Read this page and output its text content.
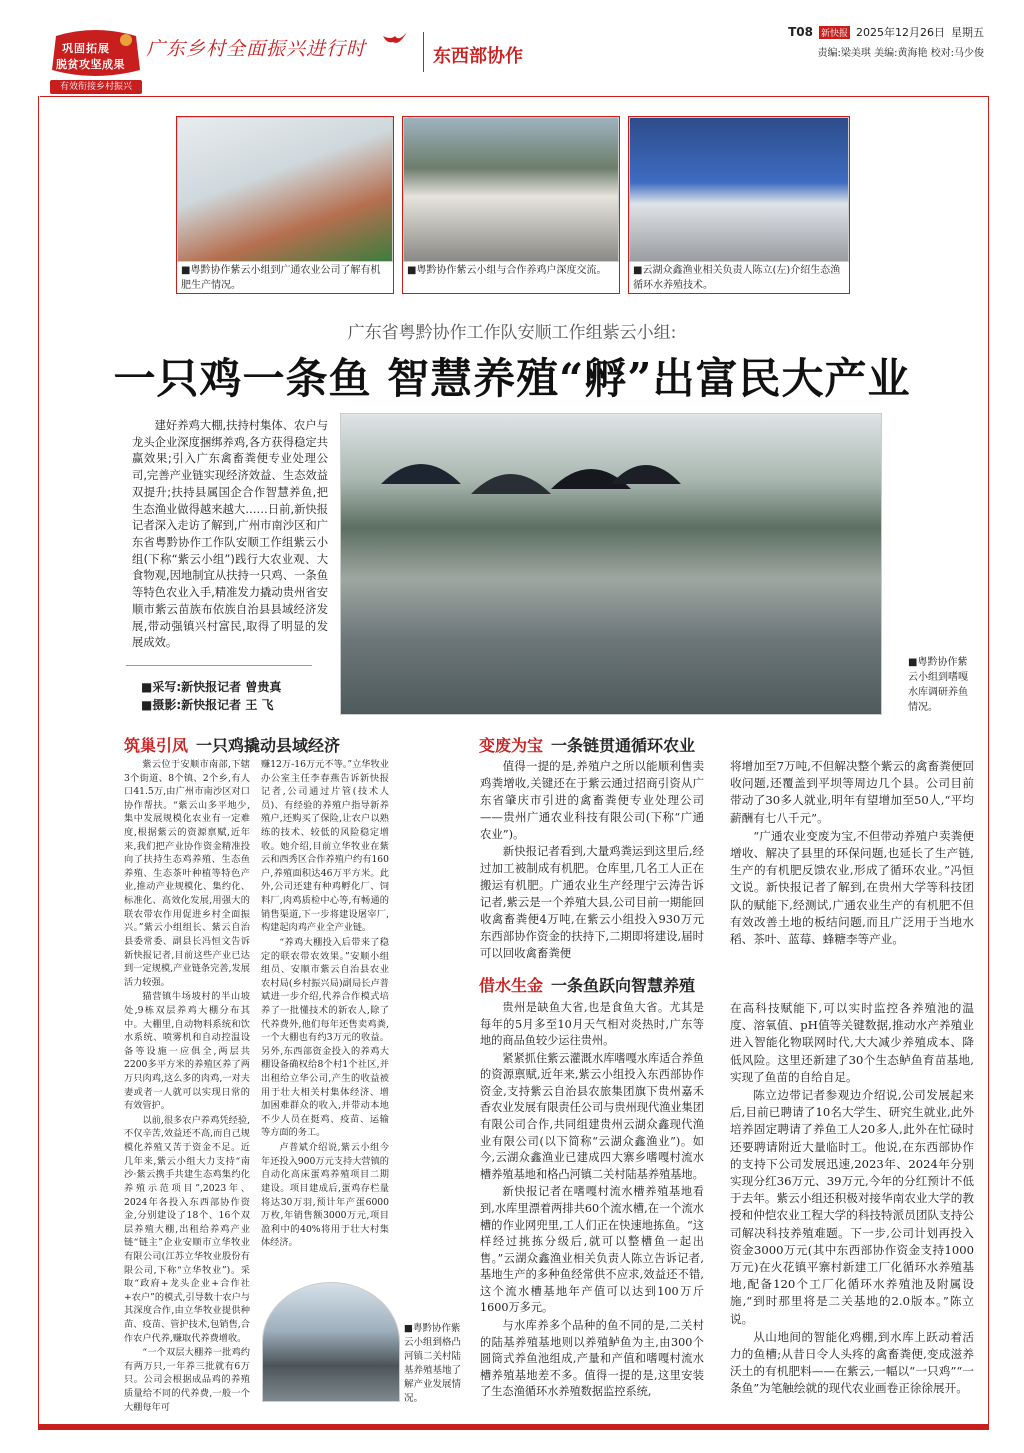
巩固拓展
脱贫攻坚成果
有效衔接乡村振兴
广东乡村全面振兴进行时	东西部协作
T08 新快报 2025年12月26日 星期五
责编:梁美琪 美编:黄海艳 校对:马少俊
■粤黔协作紫云小组到广通农业公司了解有机肥生产情况。
■粤黔协作紫云小组与合作养鸡户深度交流。	■云湖众鑫渔业相关负责人陈立(左)介绍生态渔循环水养殖技术。
广东省粤黔协作工作队安顺工作组紫云小组:
一只鸡一条鱼 智慧养殖“孵”出富民大产业
建好养鸡大棚,扶持村集体、农户与龙头企业深度捆绑养鸡,各方获得稳定共赢效果;引入广东禽畜粪便专业处理公司,完善产业链实现经济效益、生态效益双提升;扶持县属国企合作智慧养鱼,把生态渔业做得越来越大……日前,新快报记者深入走访了解到,广州市南沙区和广东省粤黔协作工作队安顺工作组紫云小组(下称“紫云小组”)践行大农业观、大食物观,因地制宜从扶持一只鸡、一条鱼等特色农业入手,精准发力撬动贵州省安顺市紫云苗族布依族自治县县域经济发展,带动强镇兴村富民,取得了明显的发展成效。
■采写:新快报记者 曾贵真
■摄影:新快报记者 王 飞
■粤黔协作紫云小组到嗜嘎水库调研养鱼情况。
筑巢引凤 一只鸡撬动县域经济

紫云位于安顺市南部,下辖3个街道、8个镇、2个乡,有人口41.5万,由广州市南沙区对口协作帮扶。“紫云山多平地少,集中发展规模化农业有一定难度,根据紫云的资源禀赋,近年来,我们把产业协作资金精准投向了扶持生态鸡养殖、生态鱼养殖、生态茶叶种植等特色产业,推动产业规模化、集约化、标准化、高效化发展,用强大的联农带农作用促进乡村全面振兴。”紫云小组组长、紫云自治县委常委、副县长冯恒文告诉新快报记者,目前这些产业已达到一定规模,产业链条完善,发展活力较强。

猫营镇牛场坡村的半山坡处,9栋双层养鸡大棚分布其中。大棚里,自动物料系统和饮水系统、喷雾机和自动控温设备等设施一应俱全,两层共2200多平方米的养殖区养了两万只肉鸡,这么多的肉鸡,一对夫妻或者一人就可以实现日常的有效管护。

以前,很多农户养鸡凭经验,不仅辛苦,效益还不高,而自己规模化养殖又苦于资金不足。近几年来,紫云小组大力支持“南沙·紫云携手共建生态鸡集约化养殖示范项目”,2023年、2024年各投入东西部协作资金,分别建设了18个、16个双层养殖大棚,出租给养鸡产业链“链主”企业安顺市立华牧业有限公司(江苏立华牧业股份有限公司,下称“立华牧业”)。采取“政府+龙头企业+合作社+农户”的模式,引导数十农户与其深度合作,由立华牧业提供种苗、疫苗、管护技术,包销售,合作农户代养,赚取代养费增收。

“一个双层大棚养一批鸡约有两万只,一年养三批就有6万只。公司会根据成品鸡的养殖质量给不同的代养费,一般一个大棚每年可

赚12万-16万元不等。”立华牧业办公室主任李春燕告诉新快报记者,公司通过片管(技术人员)、有经验的养殖户指导新养殖户,还购买了保险,让农户以熟练的技术、较低的风险稳定增收。她介绍,目前立华牧业在紫云和西秀区合作养殖户约有160户,养殖面积达46万平方米。此外,公司还建有种鸡孵化厂、饲料厂,肉鸡质检中心等,有畅通的销售渠道,下一步将建设屠宰厂,构建起肉鸡产业全产业链。

“养鸡大棚投入后带来了稳定的联农带农效果。”安顺小组组员、安顺市紫云自治县农业农村局(乡村振兴局)副局长卢普斌进一步介绍,代养合作模式培养了一批懂技术的新农人,除了代养费外,他们每年还售卖鸡粪,一个大棚也有约3万元的收益。另外,东西部资金投入的养鸡大棚设备确权给8个村1个社区,并出租给立华公司,产生的收益被用于壮大相关村集体经济、增加困难群众的收入,并带动本地不少人员在挺鸡、疫苗、运输等方面的务工。

卢普斌介绍说,紫云小组今年还投入900万元支持大营镇的自动化高床蛋鸡养殖项目二期建设。项目建成后,蛋鸡存栏量将达30万羽,预计年产蛋6000万枚,年销售额3000万元,项目盈利中的40%将用于壮大村集体经济。

■粤黔协作紫云小组到格凸河镇二关村陆基养殖基地了解产业发展情况。
变废为宝 一条链贯通循环农业

值得一提的是,养殖户之所以能顺利售卖鸡粪增收,关键还在于紫云通过招商引资从广东省肇庆市引进的禽畜粪便专业处理公司——贵州广通农业科技有限公司(下称“广通农业”)。

新快报记者看到,大量鸡粪运到这里后,经过加工被制成有机肥。仓库里,几名工人正在搬运有机肥。广通农业生产经理宁云涛告诉记者,紫云是一个养殖大县,公司目前一期能回收禽畜粪便4万吨,在紫云小组投入930万元东西部协作资金的扶持下,二期即将建设,届时可以回收禽畜粪便

将增加至7万吨,不但解决整个紫云的禽畜粪便回收问题,还覆盖到平坝等周边几个县。公司目前带动了30多人就业,明年有望增加至50人,“平均薪酬有七八千元”。

“广通农业变废为宝,不但带动养殖户卖粪便增收、解决了县里的环保问题,也延长了生产链,生产的有机肥反馈农业,形成了循环农业。”冯恒文说。新快报记者了解到,在贵州大学等科技团队的赋能下,经测试,广通农业生产的有机肥不但有效改善土地的板结问题,而且广泛用于当地水稻、茶叶、蓝莓、蜂糖李等产业。

借水生金 一条鱼跃向智慧养殖

贵州是缺鱼大省,也是食鱼大省。尤其是每年的5月多至10月天气相对炎热时,广东等地的商品鱼较少运往贵州。

紧紧抓住紫云灌溉水库嗜嘎水库适合养鱼的资源禀赋,近年来,紫云小组投入东西部协作资金,支持紫云自治县农旅集团旗下贵州嘉禾香农业发展有限责任公司与贵州现代渔业集团有限公司合作,共同组建贵州云湖众鑫现代渔业有限公司(以下简称“云湖众鑫渔业”)。如今,云湖众鑫渔业已建成四大寨乡嗜嘎村流水槽养殖基地和格凸河镇二关村陆基养殖基地。

新快报记者在嗜嘎村流水槽养殖基地看到,水库里漂着两排共60个流水槽,在一个流水槽的作业网兜里,工人们正在快速地拣鱼。“这样经过挑拣分级后,就可以整槽鱼一起出售。”云湖众鑫渔业相关负责人陈立告诉记者,基地生产的多种鱼经常供不应求,效益还不错,这个流水槽基地年产值可以达到100万斤1600万多元。

与水库养多个品种的鱼不同的是,二关村的陆基养殖基地则以养殖鲈鱼为主,由300个圆筒式养鱼池组成,产量和产值和嗜嘎村流水槽养殖基地差不多。值得一提的是,这里安装了生态渔循环水养殖数据监控系统,

在高科技赋能下,可以实时监控各养殖池的温度、溶氧值、pH值等关键数据,推动水产养殖业进入智能化物联网时代,大大减少养殖成本、降低风险。这里还新建了30个生态鲈鱼育苗基地,实现了鱼苗的自给自足。

陈立边带记者参观边介绍说,公司发展起来后,目前已聘请了10名大学生、研究生就业,此外培养固定聘请了养鱼工人20多人,此外在忙碌时还要聘请附近大量临时工。他说,在东西部协作的支持下公司发展迅速,2023年、2024年分别实现分红36万元、39万元,今年的分红预计不低于去年。紫云小组还积极对接华南农业大学的教授和仲恺农业工程大学的科技特派员团队支持公司解决科技养殖难题。下一步,公司计划再投入资金3000万元(其中东西部协作资金支持1000万元)在火花镇平寨村新建工厂化循环水养殖基地,配备120个工厂化循环水养殖池及附属设施,“到时那里将是二关基地的2.0版本。”陈立说。

从山地间的智能化鸡棚,到水库上跃动着活力的鱼槽;从昔日令人头疼的禽畜粪便,变成滋养沃土的有机肥料——在紫云,一幅以“一只鸡”“一条鱼”为笔触绘就的现代农业画卷正徐徐展开。
